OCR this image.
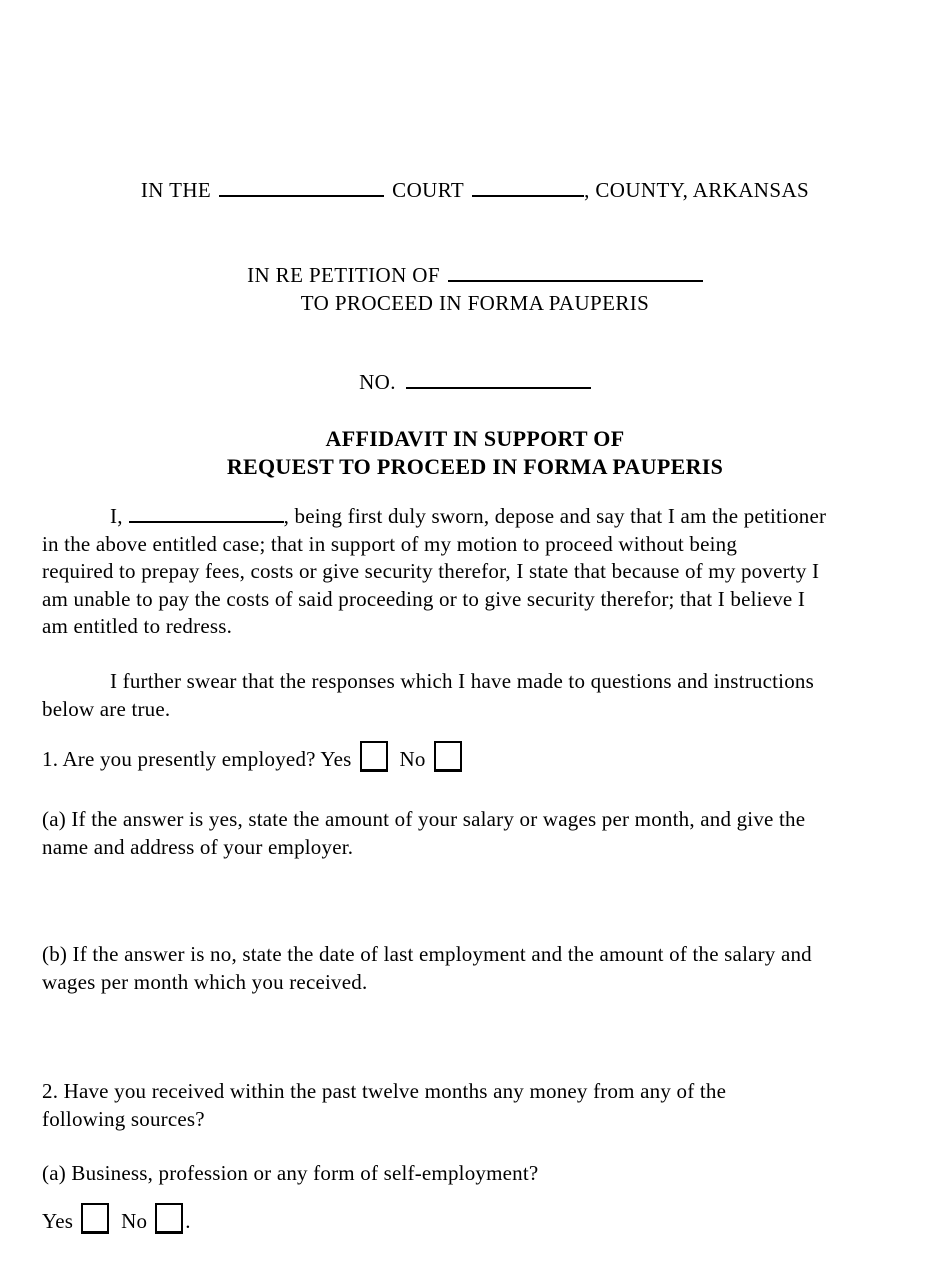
IN THE	COURT	, COUNTY, ARKANSAS
IN RE PETITION OF
TO PROCEED IN FORMA PAUPERIS
NO.
AFFIDAVIT IN SUPPORT OF
REQUEST TO PROCEED IN FORMA PAUPERIS
I,	, being first duly sworn, depose and say that I am the petitioner
in the above entitled case; that in support of my motion to proceed without being
required to prepay fees, costs or give security therefor, I state that because of my poverty I
am unable to pay the costs of said proceeding or to give security therefor; that I believe I
am entitled to redress.
I further swear that the responses which I have made to questions and instructions
below are true.
1. Are you presently employed? Yes No
(a) If the answer is yes, state the amount of your salary or wages per month, and give the
name and address of your employer.
(b) If the answer is no, state the date of last employment and the amount of the salary and
wages per month which you received.
2. Have you received within the past twelve months any money from any of the
following sources?
(a) Business, profession or any form of self-employment?
Yes No .
